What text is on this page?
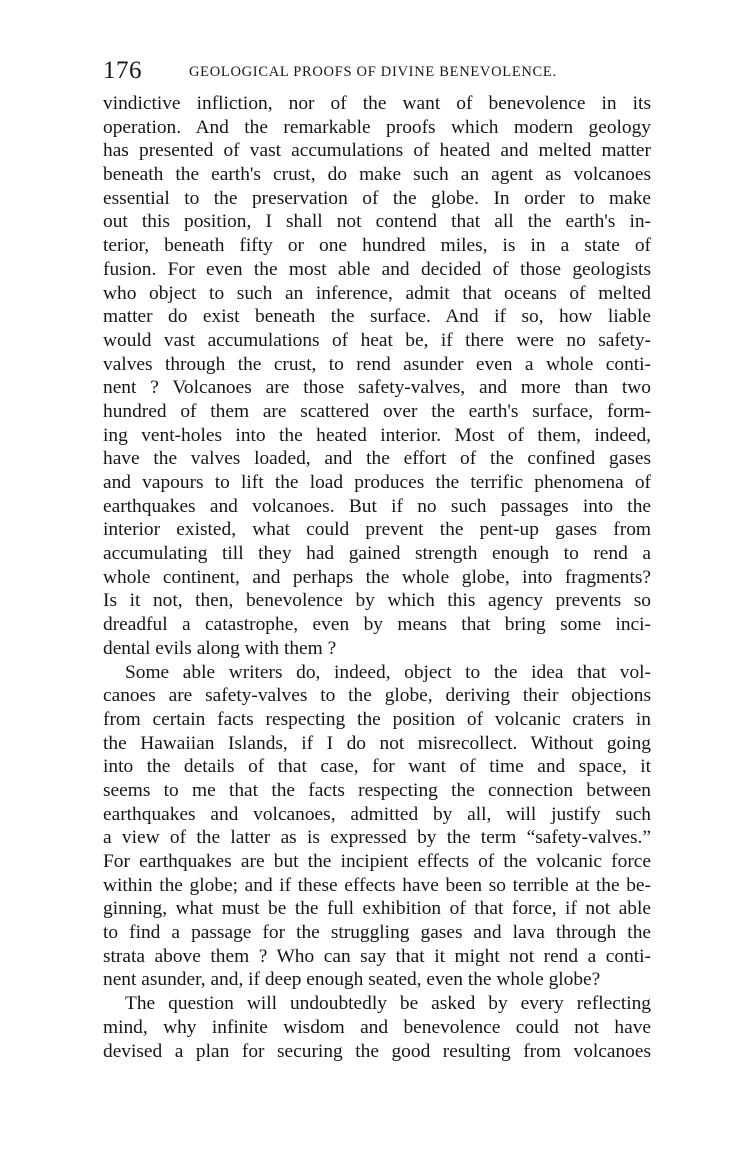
176	GEOLOGICAL PROOFS OF DIVINE BENEVOLENCE.
vindictive infliction, nor of the want of benevolence in its
operation. And the remarkable proofs which modern geology
has presented of vast accumulations of heated and melted matter
beneath the earth's crust, do make such an agent as volcanoes
essential to the preservation of the globe. In order to make
out this position, I shall not contend that all the earth's in-
terior, beneath fifty or one hundred miles, is in a state of
fusion. For even the most able and decided of those geologists
who object to such an inference, admit that oceans of melted
matter do exist beneath the surface. And if so, how liable
would vast accumulations of heat be, if there were no safety-
valves through the crust, to rend asunder even a whole conti-
nent ? Volcanoes are those safety-valves, and more than two
hundred of them are scattered over the earth's surface, form-
ing vent-holes into the heated interior. Most of them, indeed,
have the valves loaded, and the effort of the confined gases
and vapours to lift the load produces the terrific phenomena of
earthquakes and volcanoes. But if no such passages into the
interior existed, what could prevent the pent-up gases from
accumulating till they had gained strength enough to rend a
whole continent, and perhaps the whole globe, into fragments?
Is it not, then, benevolence by which this agency prevents so
dreadful a catastrophe, even by means that bring some inci-
dental evils along with them ?
Some able writers do, indeed, object to the idea that vol-
canoes are safety-valves to the globe, deriving their objections
from certain facts respecting the position of volcanic craters in
the Hawaiian Islands, if I do not misrecollect. Without going
into the details of that case, for want of time and space, it
seems to me that the facts respecting the connection between
earthquakes and volcanoes, admitted by all, will justify such
a view of the latter as is expressed by the term “safety-valves.”
For earthquakes are but the incipient effects of the volcanic force
within the globe; and if these effects have been so terrible at the be-
ginning, what must be the full exhibition of that force, if not able
to find a passage for the struggling gases and lava through the
strata above them ? Who can say that it might not rend a conti-
nent asunder, and, if deep enough seated, even the whole globe?
The question will undoubtedly be asked by every reflecting
mind, why infinite wisdom and benevolence could not have
devised a plan for securing the good resulting from volcanoes
